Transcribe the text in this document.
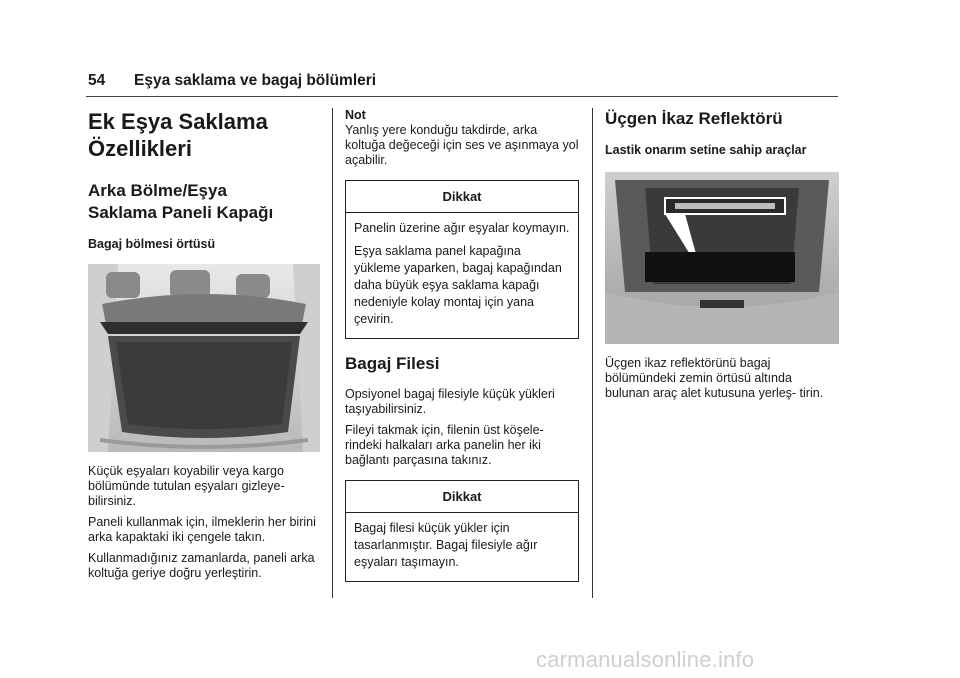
54 Eşya saklama ve bagaj bölümleri
Ek Eşya Saklama
Özellikleri
Arka Bölme/Eşya
Saklama Paneli Kapağı
Bagaj bölmesi örtüsü

Küçük eşyaları koyabilir veya kargo bölümünde tutulan eşyaları gizleye- bilirsiniz.

Paneli kullanmak için, ilmeklerin her birini arka kapaktaki iki çengele takın.

Kullanmadığınız zamanlarda, paneli arka koltuğa geriye doğru yerleştirin.

Not

Yanlış yere konduğu takdirde, arka koltuğa değeceği için ses ve aşınmaya yol açabilir.

Dikkat

Panelin üzerine ağır eşyalar koymayın.

Eşya saklama panel kapağına yükleme yaparken, bagaj kapağından daha büyük eşya saklama kapağı nedeniyle kolay montaj için yana çevirin.

Bagaj Filesi

Opsiyonel bagaj filesiyle küçük yükleri taşıyabilirsiniz.

Fileyi takmak için, filenin üst köşele- rindeki halkaları arka panelin her iki bağlantı parçasına takınız.

Dikkat

Bagaj filesi küçük yükler için tasarlanmıştır. Bagaj filesiyle ağır eşyaları taşımayın.

Üçgen İkaz Reflektörü
Lastik onarım setine sahip araçlar

Üçgen ikaz reflektörünü bagaj bölümündeki zemin örtüsü altında bulunan araç alet kutusuna yerleş- tirin.

carmanualsonline.info
